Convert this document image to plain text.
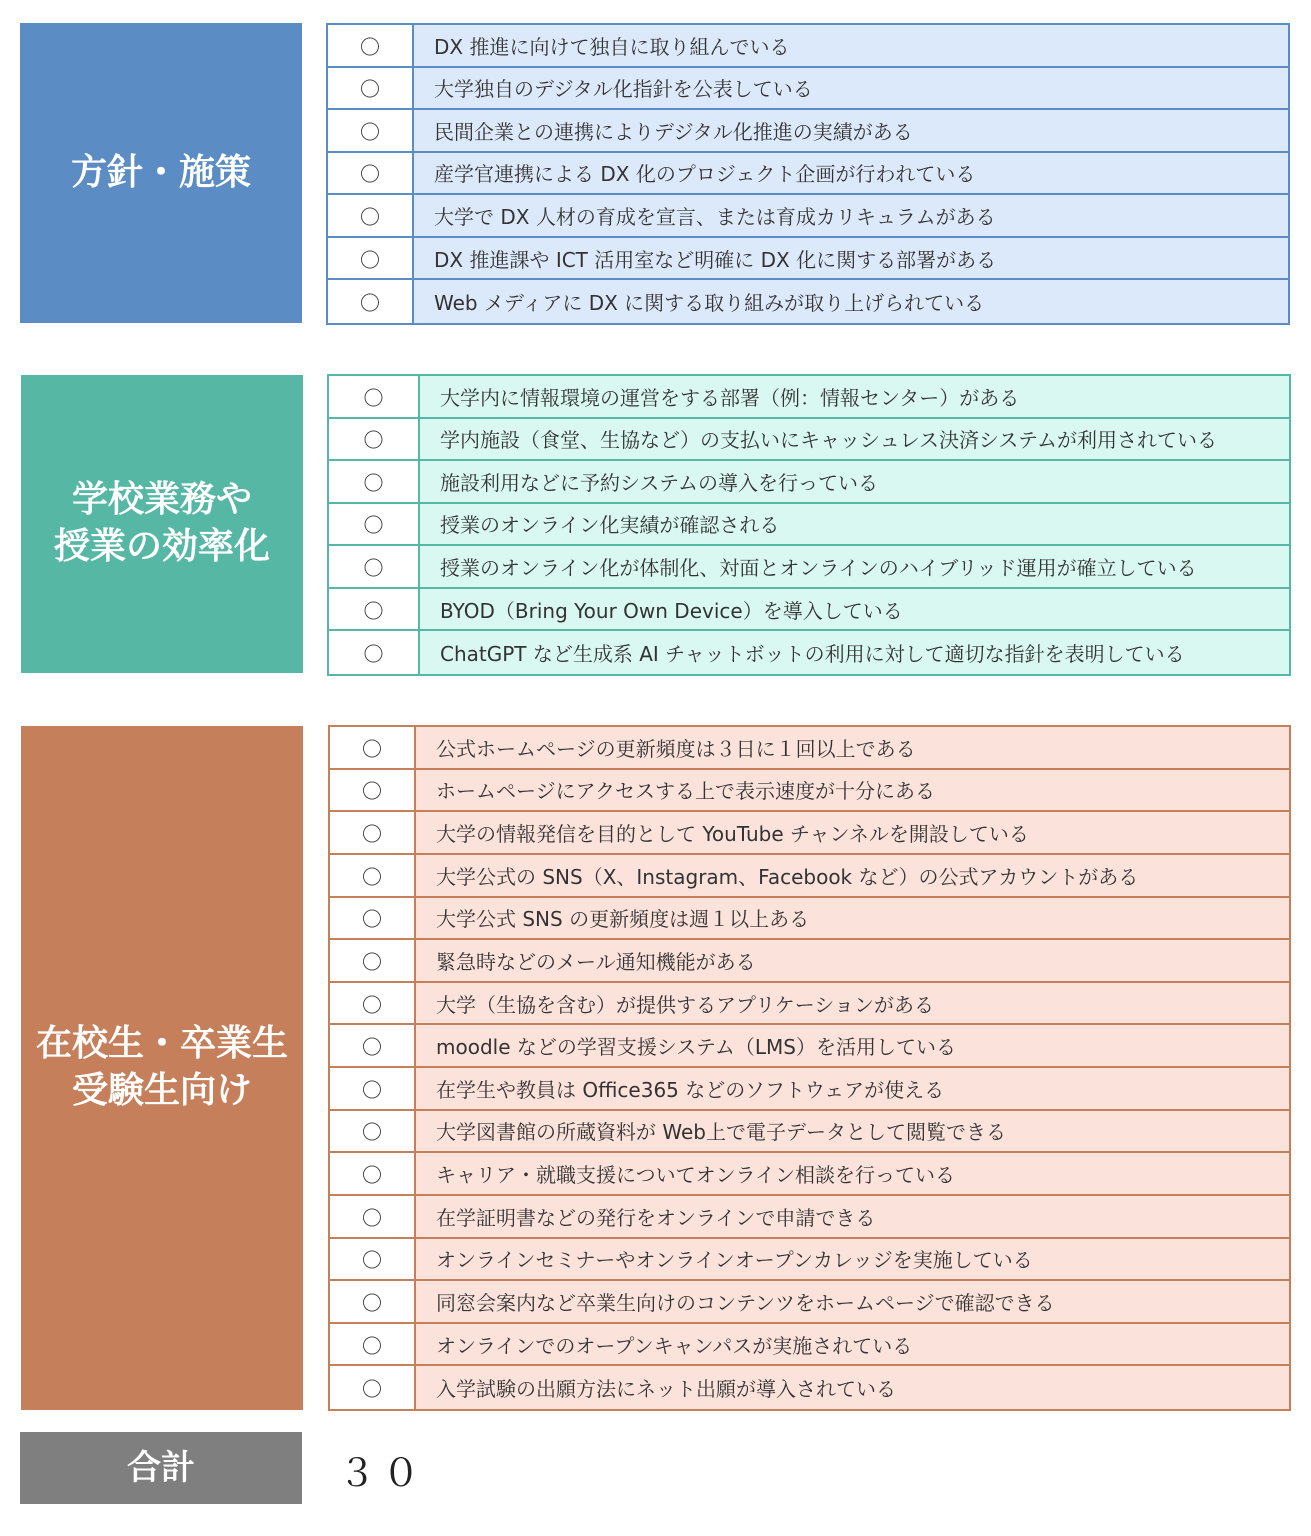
方針・施策
〇	DX 推進に向けて独自に取り組んでいる
〇	大学独自のデジタル化指針を公表している
〇	民間企業との連携によりデジタル化推進の実績がある
〇	産学官連携による DX 化のプロジェクト企画が行われている
〇	大学で DX 人材の育成を宣言、または育成カリキュラムがある
〇	DX 推進課や ICT 活用室など明確に DX 化に関する部署がある
〇	Web メディアに DX に関する取り組みが取り上げられている
学校業務や
授業の効率化
〇	大学内に情報環境の運営をする部署（例：情報センター）がある
〇	学内施設（食堂、生協など）の支払いにキャッシュレス決済システムが利用されている
〇	施設利用などに予約システムの導入を行っている
〇	授業のオンライン化実績が確認される
〇	授業のオンライン化が体制化、対面とオンラインのハイブリッド運用が確立している
〇	BYOD（Bring Your Own Device）を導入している
〇	ChatGPT など生成系 AI チャットボットの利用に対して適切な指針を表明している
在校生・卒業生
受験生向け
〇	公式ホームページの更新頻度は３日に１回以上である
〇	ホームページにアクセスする上で表示速度が十分にある
〇	大学の情報発信を目的として YouTube チャンネルを開設している
〇	大学公式の SNS（X、Instagram、Facebook など）の公式アカウントがある
〇	大学公式 SNS の更新頻度は週１以上ある
〇	緊急時などのメール通知機能がある
〇	大学（生協を含む）が提供するアプリケーションがある
〇	moodle などの学習支援システム（LMS）を活用している
〇	在学生や教員は Office365 などのソフトウェアが使える
〇	大学図書館の所蔵資料が Web上で電子データとして閲覧できる
〇	キャリア・就職支援についてオンライン相談を行っている
〇	在学証明書などの発行をオンラインで申請できる
〇	オンラインセミナーやオンラインオープンカレッジを実施している
〇	同窓会案内など卒業生向けのコンテンツをホームページで確認できる
〇	オンラインでのオープンキャンパスが実施されている
〇	入学試験の出願方法にネット出願が導入されている
合計	３０
